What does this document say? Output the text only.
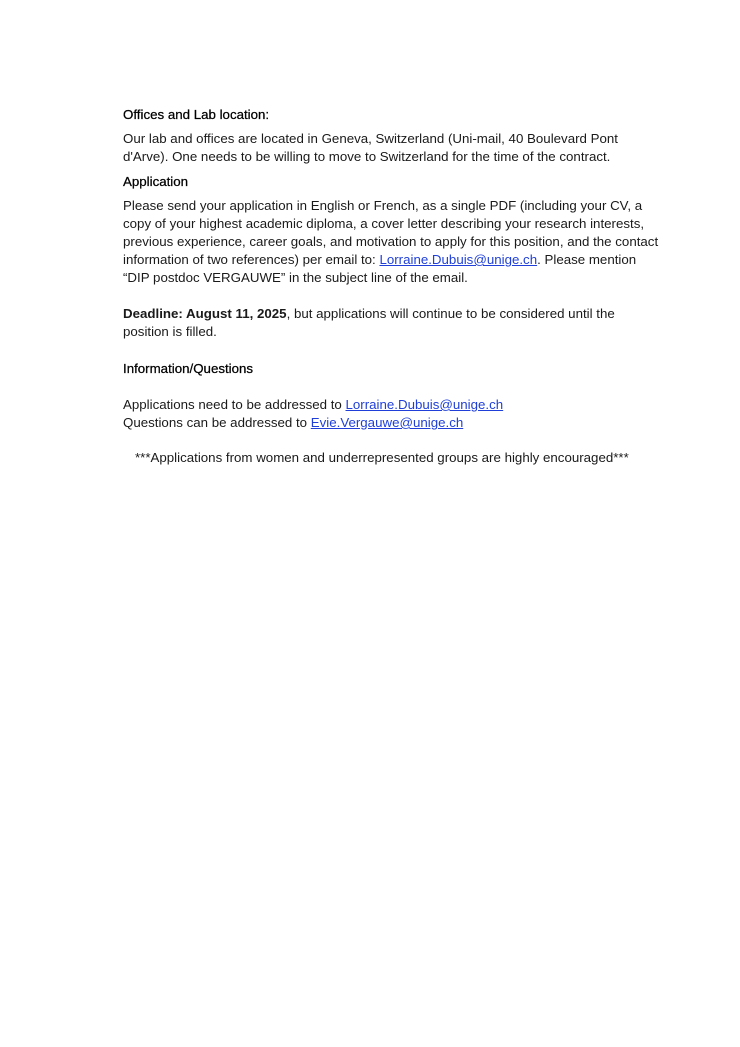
Offices and Lab location:

Our lab and offices are located in Geneva, Switzerland (Uni-mail, 40 Boulevard Pont d'Arve). One needs to be willing to move to Switzerland for the time of the contract.

Application

Please send your application in English or French, as a single PDF (including your CV, a copy of your highest academic diploma, a cover letter describing your research interests, previous experience, career goals, and motivation to apply for this position, and the contact information of two references) per email to: Lorraine.Dubuis@unige.ch. Please mention “DIP postdoc VERGAUWE” in the subject line of the email.

Deadline: August 11, 2025, but applications will continue to be considered until the position is filled.

Information/Questions

Applications need to be addressed to Lorraine.Dubuis@unige.ch

Questions can be addressed to Evie.Vergauwe@unige.ch

***Applications from women and underrepresented groups are highly encouraged***
